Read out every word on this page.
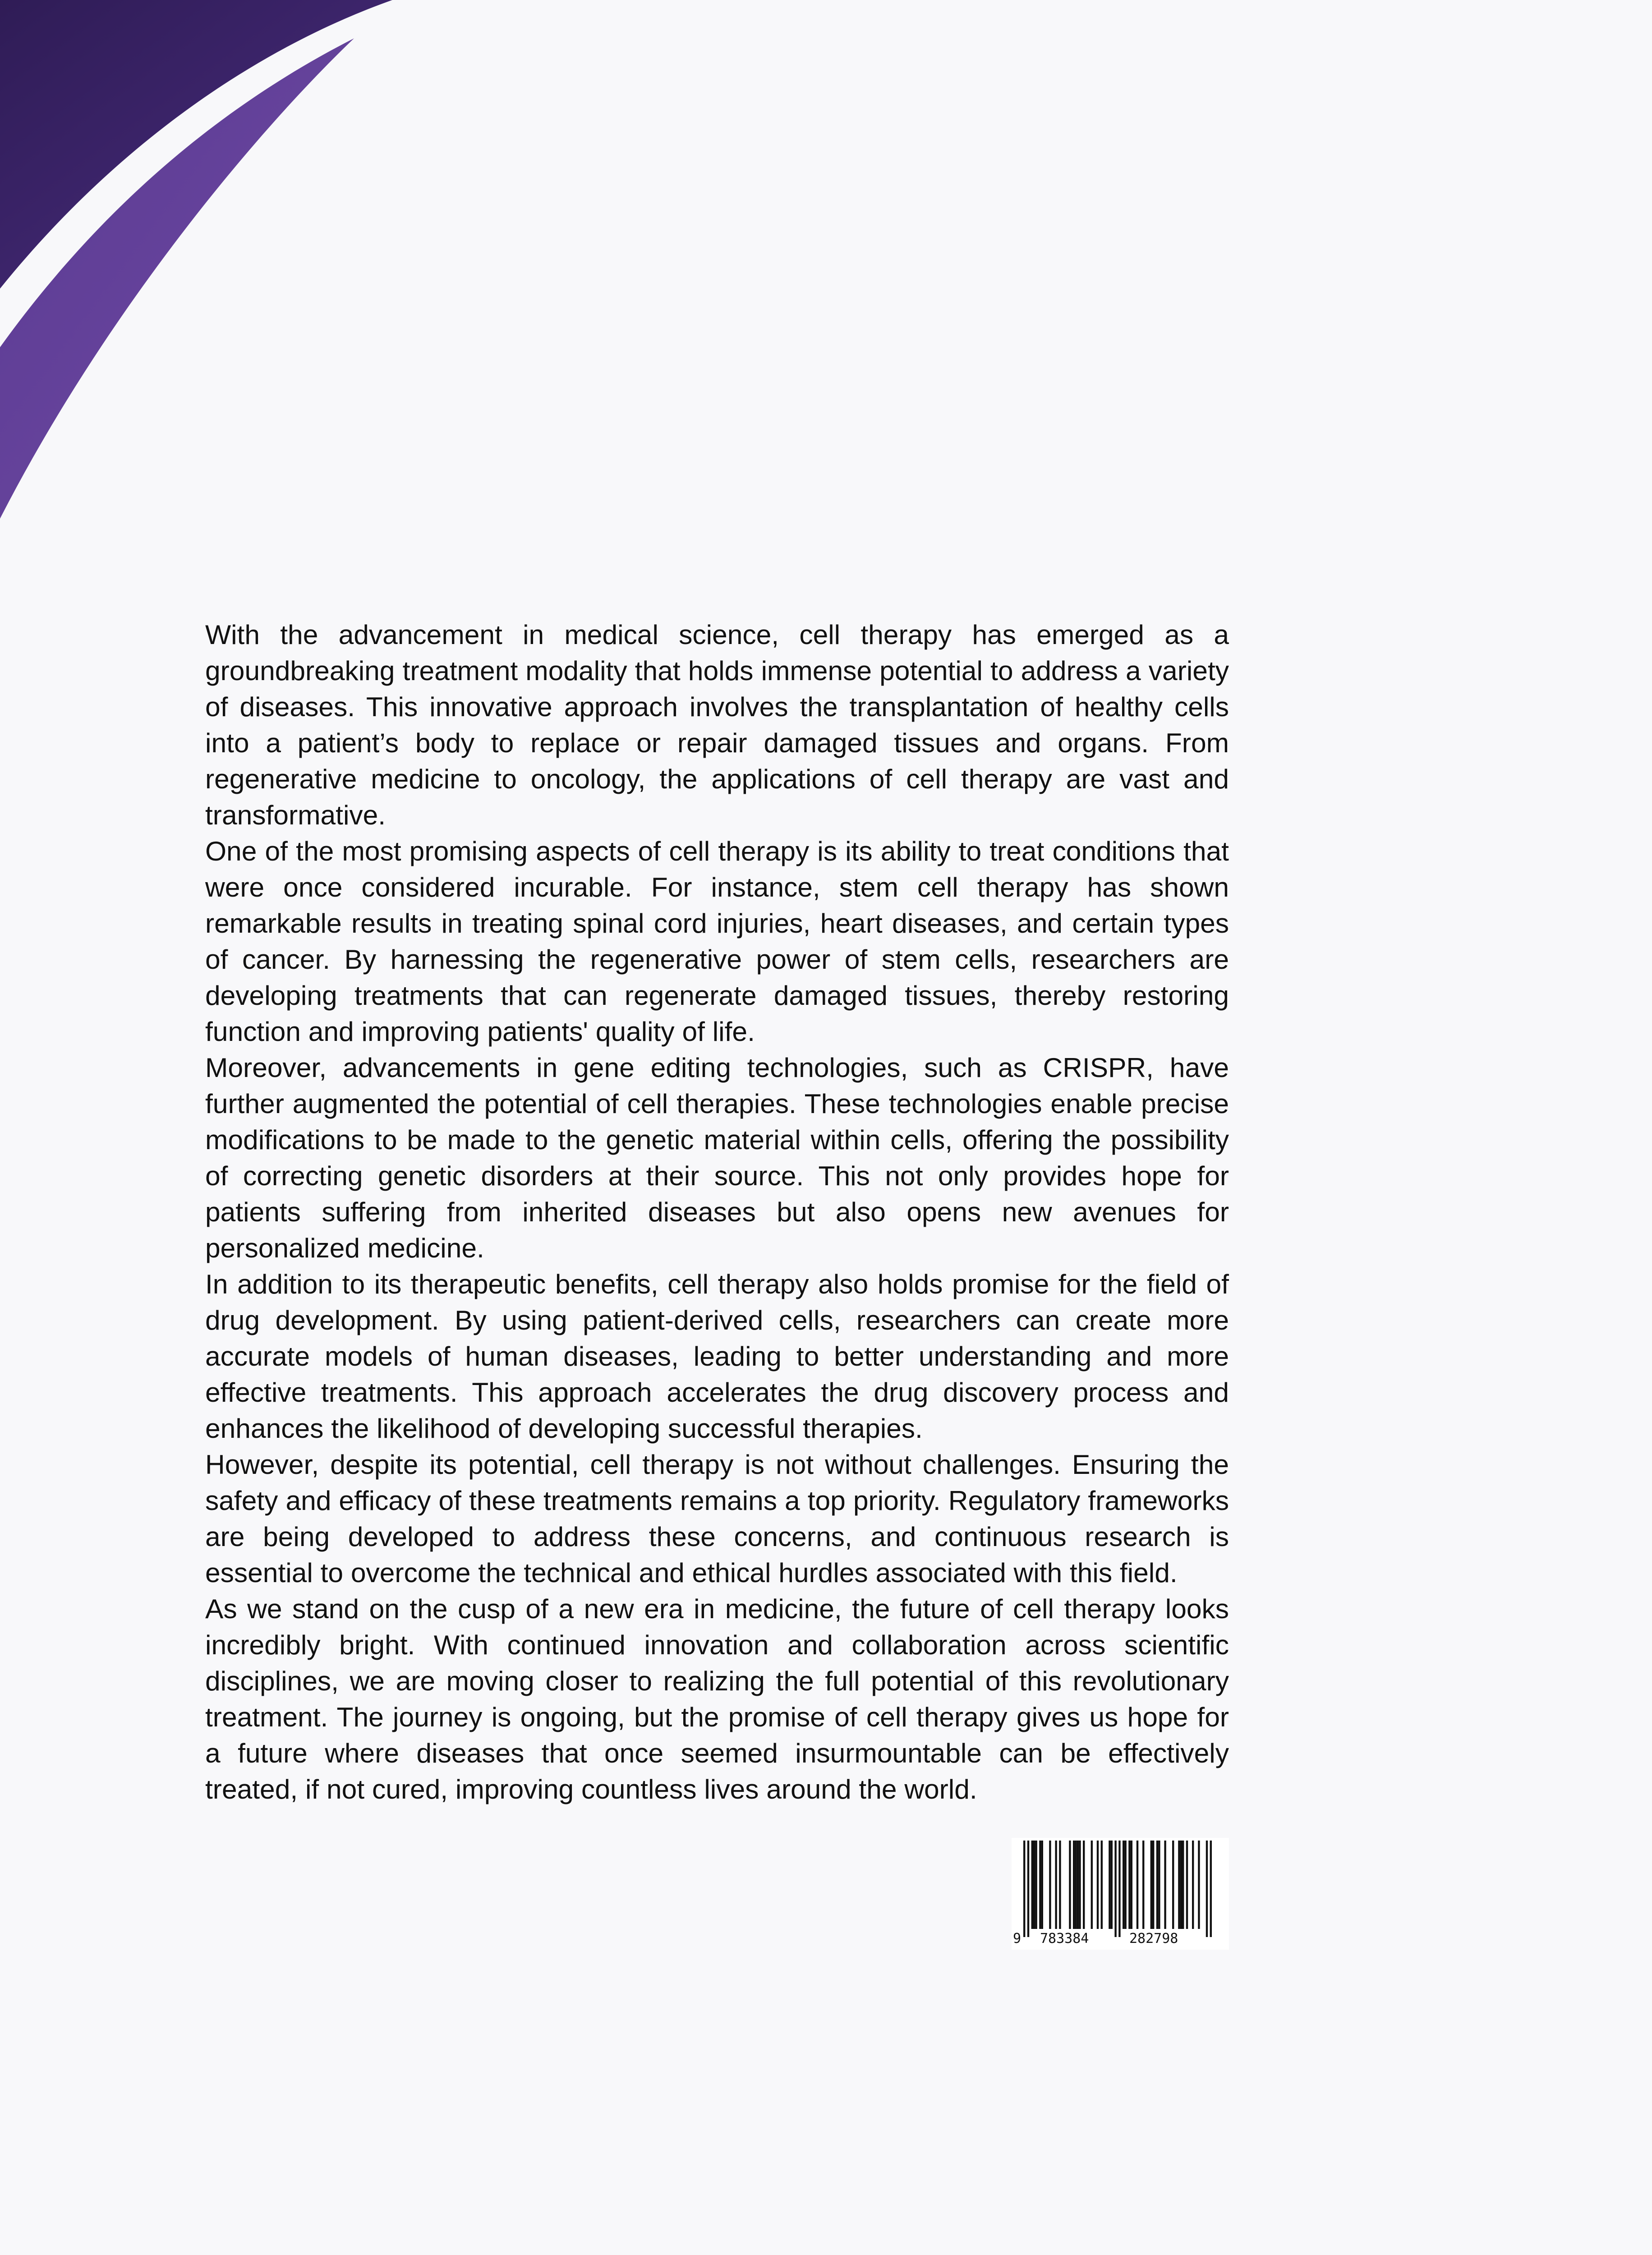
With the advancement in medical science, cell therapy has emerged as a groundbreaking treatment modality that holds immense potential to address a variety of diseases. This innovative approach involves the transplantation of healthy cells into a patient’s body to replace or repair damaged tissues and organs. From regenerative medicine to oncology, the applications of cell therapy are vast and transformative.

One of the most promising aspects of cell therapy is its ability to treat conditions that were once considered incurable. For instance, stem cell therapy has shown remarkable results in treating spinal cord injuries, heart diseases, and certain types of cancer. By harnessing the regenerative power of stem cells, researchers are developing treatments that can regenerate damaged tissues, thereby restoring function and improving patients' quality of life.

Moreover, advancements in gene editing technologies, such as CRISPR, have further augmented the potential of cell therapies. These technologies enable precise modifications to be made to the genetic material within cells, offering the possibility of correcting genetic disorders at their source. This not only provides hope for patients suffering from inherited diseases but also opens new avenues for personalized medicine.

In addition to its therapeutic benefits, cell therapy also holds promise for the field of drug development. By using patient-derived cells, researchers can create more accurate models of human diseases, leading to better understanding and more effective treatments. This approach accelerates the drug discovery process and enhances the likelihood of developing successful therapies.

However, despite its potential, cell therapy is not without challenges. Ensuring the safety and efficacy of these treatments remains a top priority. Regulatory frameworks are being developed to address these concerns, and continuous research is essential to overcome the technical and ethical hurdles associated with this field.

As we stand on the cusp of a new era in medicine, the future of cell therapy looks incredibly bright. With continued innovation and collaboration across scientific disciplines, we are moving closer to realizing the full potential of this revolutionary treatment. The journey is ongoing, but the promise of cell therapy gives us hope for a future where diseases that once seemed insurmountable can be effectively treated, if not cured, improving countless lives around the world.

9 783384	282798
